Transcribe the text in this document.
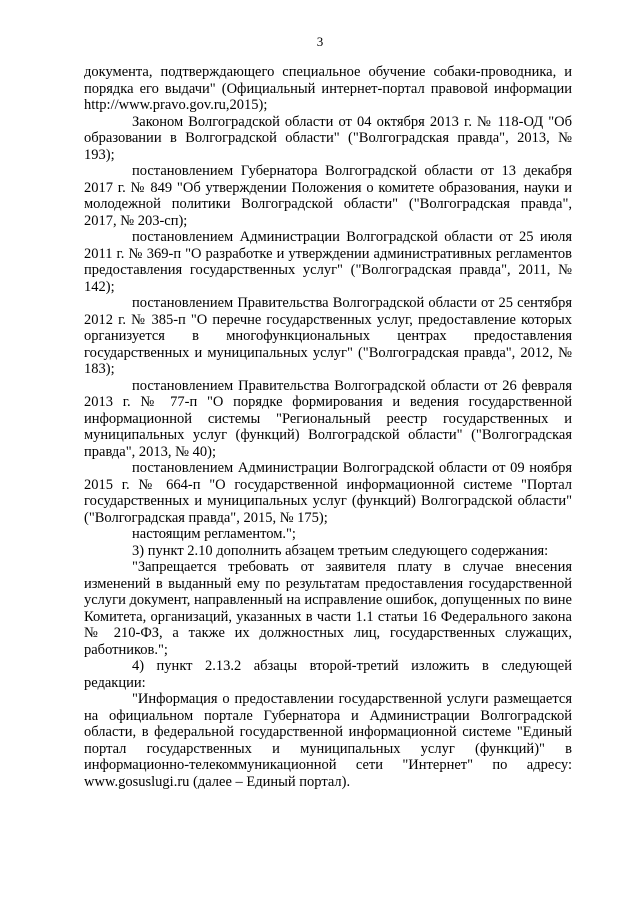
3

документа, подтверждающего специальное обучение собаки-проводника, и порядка его выдачи" (Официальный интернет-портал правовой информации http://www.pravo.gov.ru,2015);

Законом Волгоградской области от 04 октября 2013 г. № 118-ОД "Об образовании в Волгоградской области" ("Волгоградская правда", 2013, № 193);

постановлением Губернатора Волгоградской области от 13 декабря 2017 г. № 849 "Об утверждении Положения о комитете образования, науки и молодежной политики Волгоградской области" ("Волгоградская правда", 2017, № 203-сп);

постановлением Администрации Волгоградской области от 25 июля 2011 г. № 369-п "О разработке и утверждении административных регламентов предоставления государственных услуг" ("Волгоградская правда", 2011, № 142);

постановлением Правительства Волгоградской области от 25 сентября 2012 г. № 385-п "О перечне государственных услуг, предоставление которых организуется в многофункциональных центрах предоставления государственных и муниципальных услуг" ("Волгоградская правда", 2012, № 183);

постановлением Правительства Волгоградской области от 26 февраля 2013 г. № 77-п "О порядке формирования и ведения государственной информационной системы "Региональный реестр государственных и муниципальных услуг (функций) Волгоградской области" ("Волгоградская правда", 2013, № 40);

постановлением Администрации Волгоградской области от 09 ноября 2015 г. № 664-п "О государственной информационной системе "Портал государственных и муниципальных услуг (функций) Волгоградской области" ("Волгоградская правда", 2015, № 175);

настоящим регламентом.";

3) пункт 2.10 дополнить абзацем третьим следующего содержания:

"Запрещается требовать от заявителя плату в случае внесения изменений в выданный ему по результатам предоставления государственной услуги документ, направленный на исправление ошибок, допущенных по вине Комитета, организаций, указанных в части 1.1 статьи 16 Федерального закона № 210-ФЗ, а также их должностных лиц, государственных служащих, работников.";

4) пункт 2.13.2 абзацы второй-третий изложить в следующей редакции:

"Информация о предоставлении государственной услуги размещается на официальном портале Губернатора и Администрации Волгоградской области, в федеральной государственной информационной системе "Единый портал государственных и муниципальных услуг (функций)" в информационно-телекоммуникационной сети "Интернет" по адресу: www.gosuslugi.ru (далее – Единый портал).
